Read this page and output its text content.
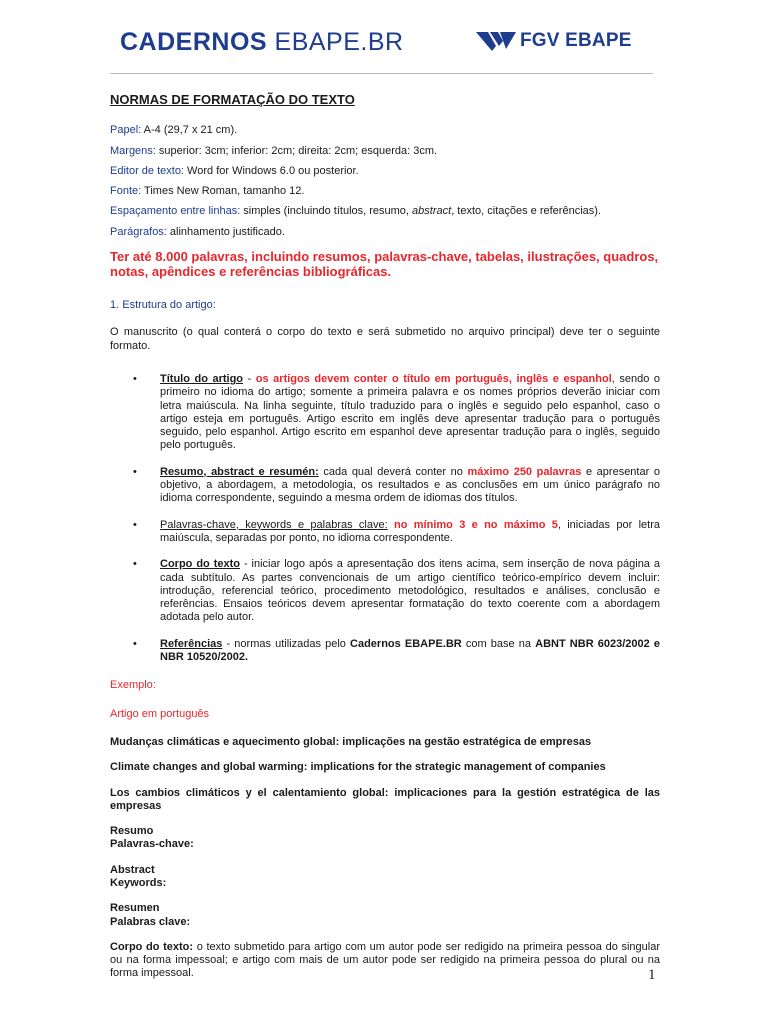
CADERNOS EBAPE.BR	FGV EBAPE
NORMAS DE FORMATAÇÃO DO TEXTO
Papel: A-4 (29,7 x 21 cm).
Margens: superior: 3cm; inferior: 2cm; direita: 2cm; esquerda: 3cm.
Editor de texto: Word for Windows 6.0 ou posterior.
Fonte: Times New Roman, tamanho 12.
Espaçamento entre linhas: simples (incluindo títulos, resumo, abstract, texto, citações e referências).
Parágrafos: alinhamento justificado.
Ter até 8.000 palavras, incluindo resumos, palavras-chave, tabelas, ilustrações, quadros, notas, apêndices e referências bibliográficas.
1. Estrutura do artigo:
O manuscrito (o qual conterá o corpo do texto e será submetido no arquivo principal) deve ter o seguinte formato.
• Título do artigo - os artigos devem conter o título em português, inglês e espanhol, sendo o primeiro no idioma do artigo; somente a primeira palavra e os nomes próprios deverão iniciar com letra maiúscula. Na linha seguinte, título traduzido para o inglês e seguido pelo espanhol, caso o artigo esteja em português. Artigo escrito em inglês deve apresentar tradução para o português seguido, pelo espanhol. Artigo escrito em espanhol deve apresentar tradução para o inglês, seguido pelo português.
• Resumo, abstract e resumén: cada qual deverá conter no máximo 250 palavras e apresentar o objetivo, a abordagem, a metodologia, os resultados e as conclusões em um único parágrafo no idioma correspondente, seguindo a mesma ordem de idiomas dos títulos.
• Palavras-chave, keywords e palabras clave: no mínimo 3 e no máximo 5, iniciadas por letra maiúscula, separadas por ponto, no idioma correspondente.
• Corpo do texto - iniciar logo após a apresentação dos itens acima, sem inserção de nova página a cada subtítulo. As partes convencionais de um artigo científico teórico-empírico devem incluir: introdução, referencial teórico, procedimento metodológico, resultados e análises, conclusão e referências. Ensaios teóricos devem apresentar formatação do texto coerente com a abordagem adotada pelo autor.
• Referências - normas utilizadas pelo Cadernos EBAPE.BR com base na ABNT NBR 6023/2002 e NBR 10520/2002.
Exemplo:
Artigo em português
Mudanças climáticas e aquecimento global: implicações na gestão estratégica de empresas
Climate changes and global warming: implications for the strategic management of companies
Los cambios climáticos y el calentamiento global: implicaciones para la gestión estratégica de las empresas
Resumo
Palavras-chave:
Abstract
Keywords:
Resumen
Palabras clave:
Corpo do texto: o texto submetido para artigo com um autor pode ser redigido na primeira pessoa do singular ou na forma impessoal; e artigo com mais de um autor pode ser redigido na primeira pessoa do plural ou na forma impessoal.	1
